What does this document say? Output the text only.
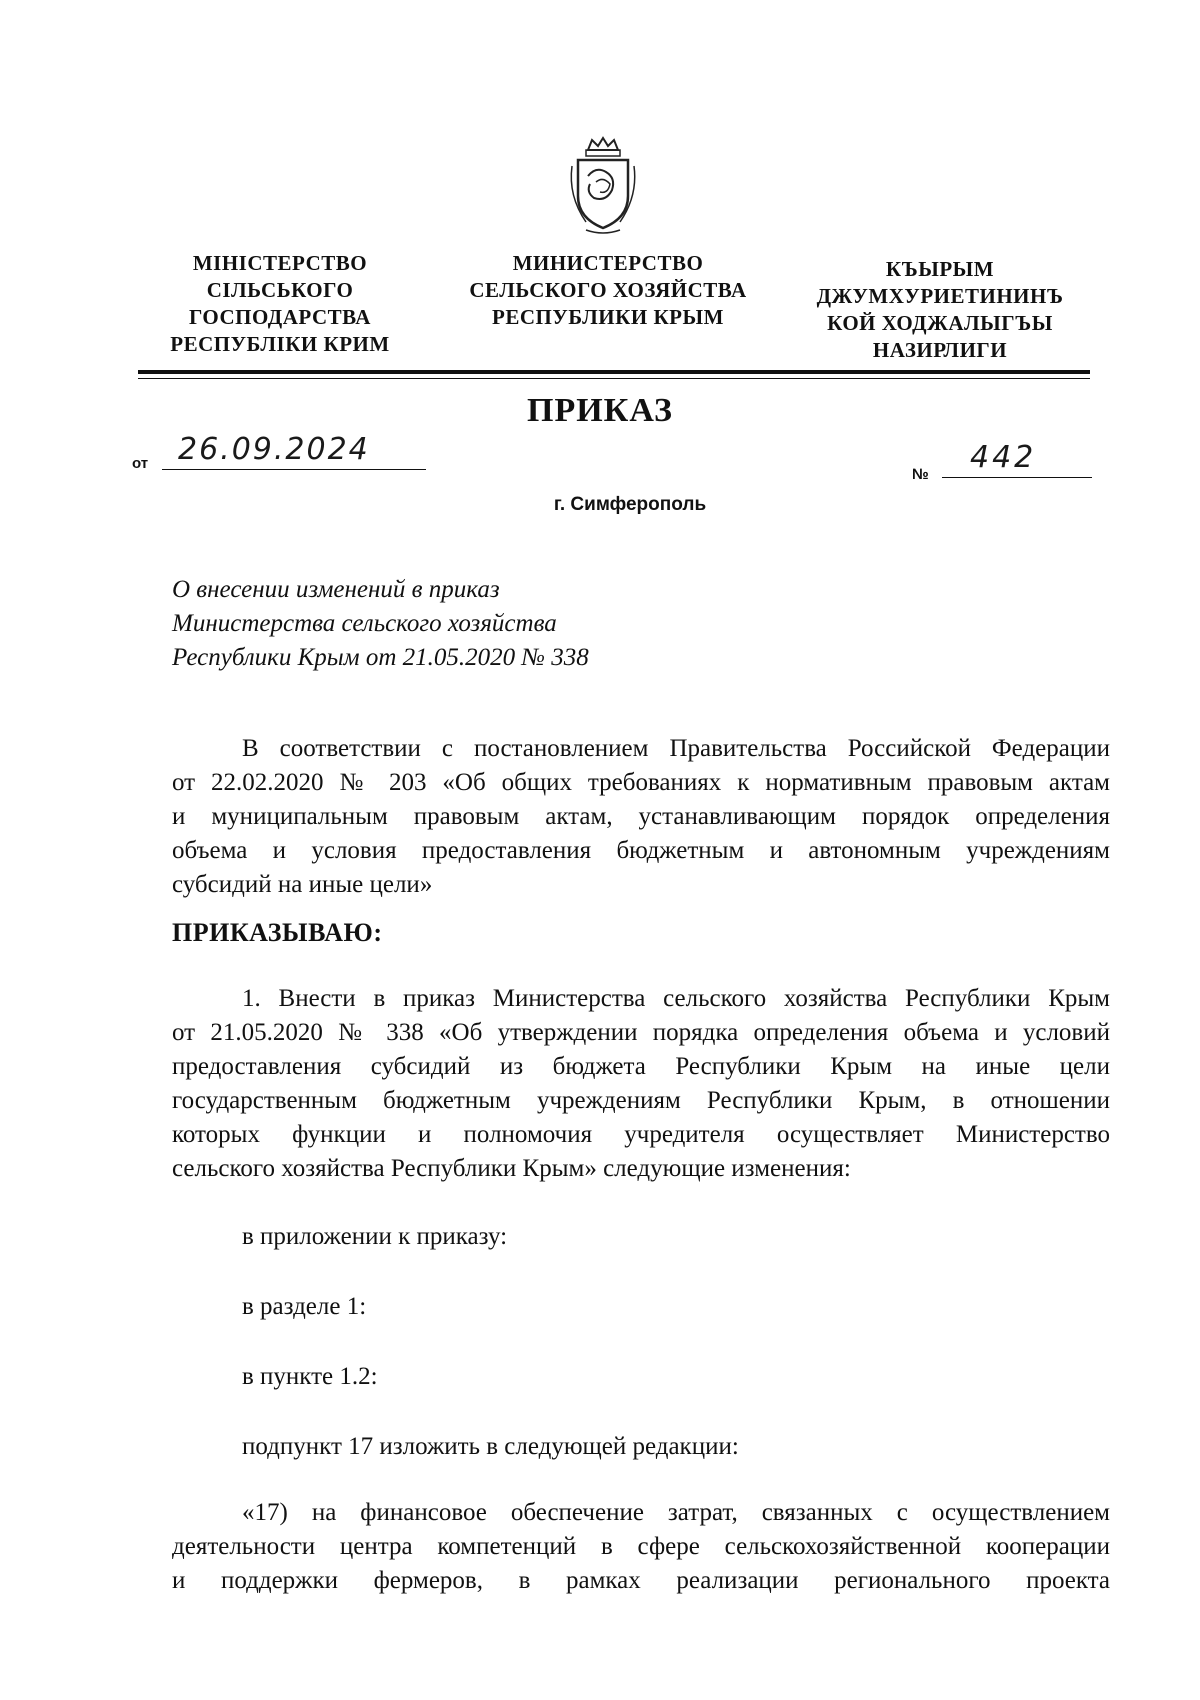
МІНІСТЕРСТВО
СІЛЬСЬКОГО
ГОСПОДАРСТВА
РЕСПУБЛІКИ КРИМ
МИНИСТЕРСТВО
СЕЛЬСКОГО ХОЗЯЙСТВА
РЕСПУБЛИКИ КРЫМ
КЪЫРЫМ
ДЖУМХУРИЕТИНИНЪ
КОЙ ХОДЖАЛЫГЪЫ
НАЗИРЛИГИ
ПРИКАЗ
от 26.09.2024
№	442
г. Симферополь
О внесении изменений в приказ
Министерства сельского хозяйства
Республики Крым от 21.05.2020 № 338
В соответствии с постановлением Правительства Российской Федерации
от 22.02.2020 № 203 «Об общих требованиях к нормативным правовым актам
и муниципальным правовым актам, устанавливающим порядок определения
объема и условия предоставления бюджетным и автономным учреждениям
субсидий на иные цели»
ПРИКАЗЫВАЮ:
1. Внести в приказ Министерства сельского хозяйства Республики Крым
от 21.05.2020 № 338 «Об утверждении порядка определения объема и условий
предоставления субсидий из бюджета Республики Крым на иные цели
государственным бюджетным учреждениям Республики Крым, в отношении
которых функции и полномочия учредителя осуществляет Министерство
сельского хозяйства Республики Крым» следующие изменения:
в приложении к приказу:
в разделе 1:
в пункте 1.2:
подпункт 17 изложить в следующей редакции:
«17) на финансовое обеспечение затрат, связанных с осуществлением
деятельности центра компетенций в сфере сельскохозяйственной кооперации
и поддержки фермеров, в рамках реализации регионального проекта
